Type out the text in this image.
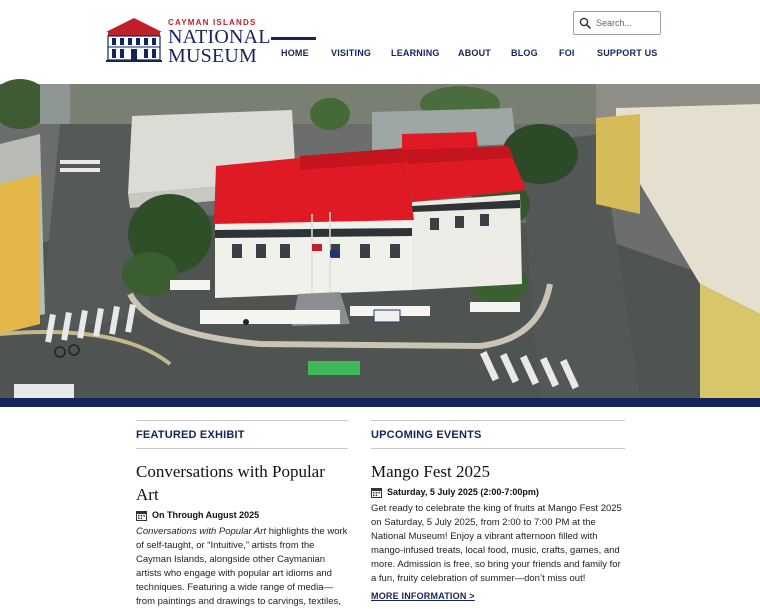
CAYMAN ISLANDS
NATIONAL
MUSEUM
Search...	HOME VISITING LEARNING ABOUT BLOG FOI SUPPORT US
FEATURED EXHIBIT
Conversations with Popular Art
On Through August 2025
Conversations with Popular Art highlights the work of self-taught, or “Intuitive,” artists from the Cayman Islands, alongside other Caymanian artists who engage with popular art idioms and techniques. Featuring a wide range of media—from paintings and drawings to carvings, textiles,
UPCOMING EVENTS
Mango Fest 2025
Saturday, 5 July 2025 (2:00-7:00pm)
Get ready to celebrate the king of fruits at Mango Fest 2025 on Saturday, 5 July 2025, from 2:00 to 7:00 PM at the National Museum! Enjoy a vibrant afternoon filled with mango-infused treats, local food, music, crafts, games, and more. Admission is free, so bring your friends and family for a fun, fruity celebration of summer—don’t miss out!
MORE INFORMATION >
